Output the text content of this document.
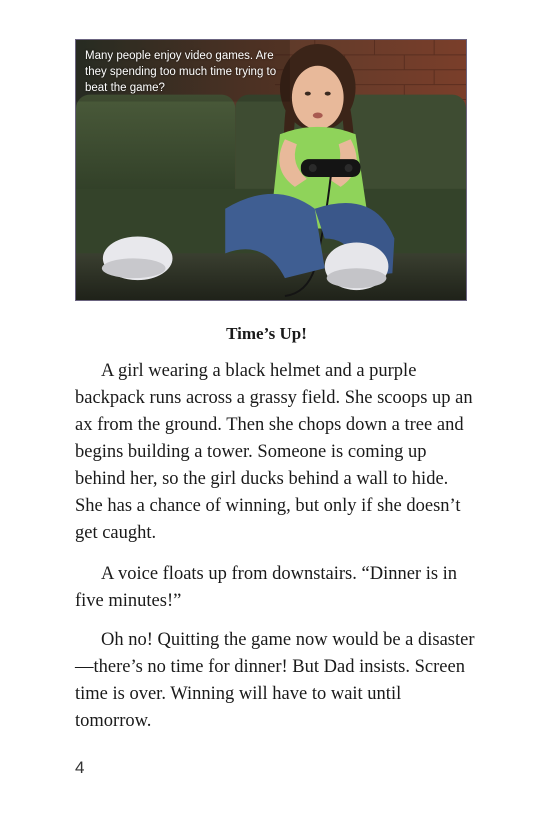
Many people enjoy video games. Are they spending too much time trying to beat the game?
Time’s Up!

A girl wearing a black helmet and a purple backpack runs across a grassy field. She scoops up an ax from the ground. Then she chops down a tree and begins building a tower. Someone is coming up behind her, so the girl ducks behind a wall to hide. She has a chance of winning, but only if she doesn’t get caught.

A voice floats up from downstairs. “Dinner is in five minutes!”

Oh no! Quitting the game now would be a disaster—there’s no time for dinner! But Dad insists. Screen time is over. Winning will have to wait until tomorrow.

4
